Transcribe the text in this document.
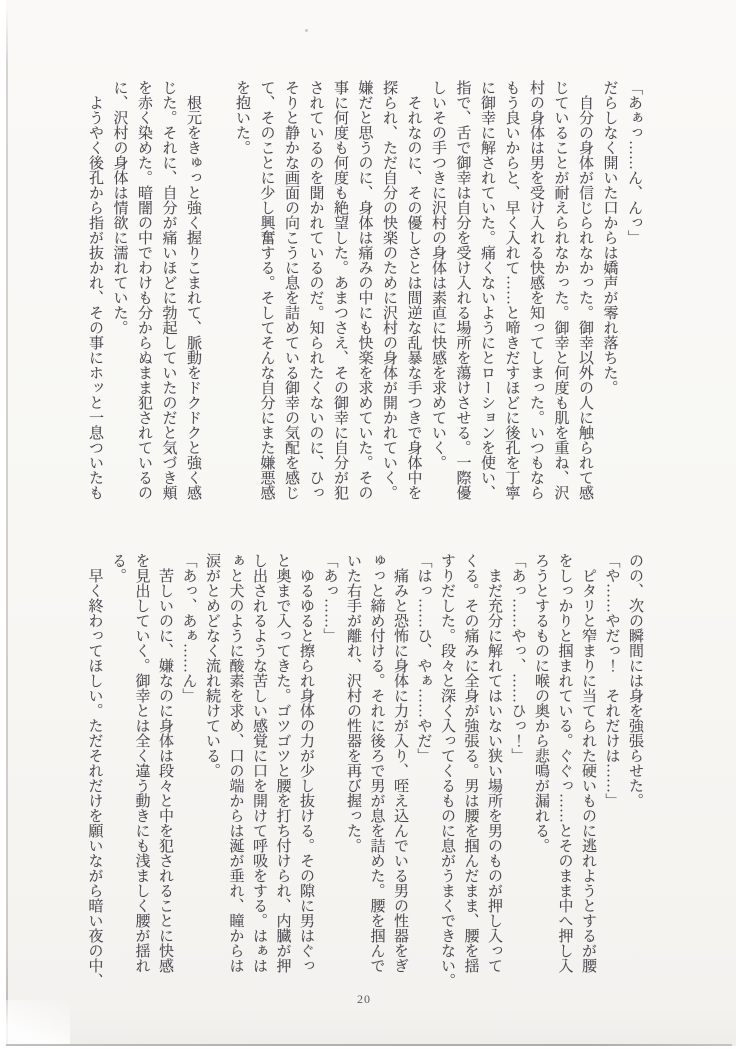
「あぁっ……ん、んっ」

だらしなく開いた口からは嬌声が零れ落ちた。

自分の身体が信じられなかった。御幸以外の人に触られて感

じていることが耐えられなかった。御幸と何度も肌を重ね、沢

村の身体は男を受け入れる快感を知ってしまった。いつもなら

もう良いからと、早く入れて……と啼きだすほどに後孔を丁寧

に御幸に解されていた。痛くないようにとローションを使い、

指で、舌で御幸は自分を受け入れる場所を蕩けさせる。一際優

しいその手つきに沢村の身体は素直に快感を求めていく。

それなのに、その優しさとは間逆な乱暴な手つきで身体中を

探られ、ただ自分の快楽のために沢村の身体が開かれていく。

嫌だと思うのに、身体は痛みの中にも快楽を求めていた。その

事に何度も何度も絶望した。あまつさえ、その御幸に自分が犯

されているのを聞かれているのだ。知られたくないのに、ひっ

そりと静かな画面の向こうに息を詰めている御幸の気配を感じ

て、そのことに少し興奮する。そしてそんな自分にまた嫌悪感

を抱いた。

根元をきゅっと強く握りこまれて、脈動をドクドクと強く感

じた。それに、自分が痛いほどに勃起していたのだと気づき頬

を赤く染めた。暗闇の中でわけも分からぬまま犯されているの

に、沢村の身体は情欲に濡れていた。

ようやく後孔から指が抜かれ、その事にホッと一息ついたも

のの、次の瞬間には身を強張らせた。

「や……やだっ！　それだけは……」

ピタリと窄まりに当てられた硬いものに逃れようとするが腰

をしっかりと掴まれている。ぐぐっ……とそのまま中へ押し入

ろうとするものに喉の奥から悲鳴が漏れる。

「あっ……やっ、……ひっ！」

まだ充分に解れてはいない狭い場所を男のものが押し入って

くる。その痛みに全身が強張る。男は腰を掴んだまま、腰を揺

すりだした。段々と深く入ってくるものに息がうまくできない。

「はっ……ひ、やぁ……やだ」

痛みと恐怖に身体に力が入り、咥え込んでいる男の性器をぎ

ゅっと締め付ける。それに後ろで男が息を詰めた。腰を掴んで

いた右手が離れ、沢村の性器を再び握った。

「あっ……」

ゆるゆると擦られ身体の力が少し抜ける。その隙に男はぐっ

と奥まで入ってきた。ゴツゴツと腰を打ち付けられ、内臓が押

し出されるような苦しい感覚に口を開けて呼吸をする。はぁは

ぁと犬のように酸素を求め、口の端からは涎が垂れ、瞳からは

涙がとめどなく流れ続けている。

「あっ、あぁ……ん」

苦しいのに、嫌なのに身体は段々と中を犯されることに快感

を見出していく。御幸とは全く違う動きにも浅ましく腰が揺れ

る。

早く終わってほしい。ただそれだけを願いながら暗い夜の中、

20
